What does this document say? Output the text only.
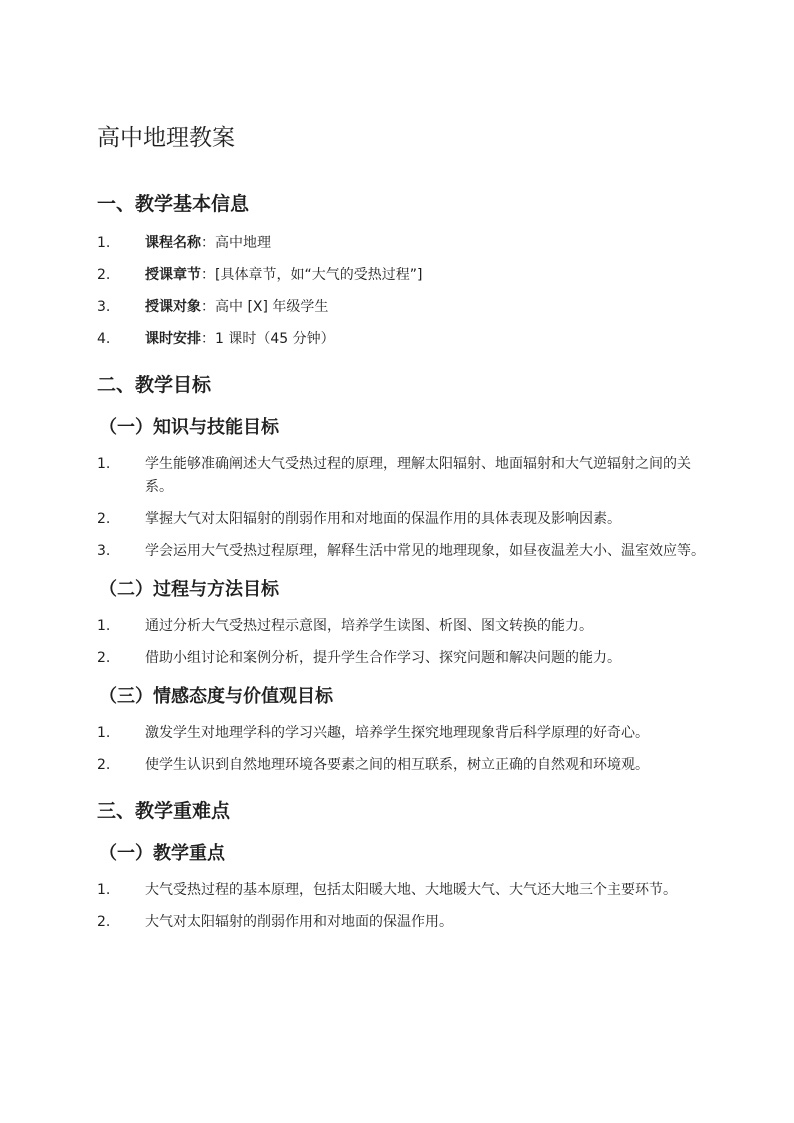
高中地理教案
一、教学基本信息
1. 课程名称：高中地理
2. 授课章节：[具体章节，如“大气的受热过程”]
3. 授课对象：高中 [X] 年级学生
4. 课时安排：1 课时（45 分钟）
二、教学目标
（一）知识与技能目标
1. 学生能够准确阐述大气受热过程的原理，理解太阳辐射、地面辐射和大气逆辐射之间的关系。
2. 掌握大气对太阳辐射的削弱作用和对地面的保温作用的具体表现及影响因素。
3. 学会运用大气受热过程原理，解释生活中常见的地理现象，如昼夜温差大小、温室效应等。
（二）过程与方法目标
1. 通过分析大气受热过程示意图，培养学生读图、析图、图文转换的能力。
2. 借助小组讨论和案例分析，提升学生合作学习、探究问题和解决问题的能力。
（三）情感态度与价值观目标
1. 激发学生对地理学科的学习兴趣，培养学生探究地理现象背后科学原理的好奇心。
2. 使学生认识到自然地理环境各要素之间的相互联系，树立正确的自然观和环境观。
三、教学重难点
（一）教学重点
1. 大气受热过程的基本原理，包括太阳暖大地、大地暖大气、大气还大地三个主要环节。
2. 大气对太阳辐射的削弱作用和对地面的保温作用。
